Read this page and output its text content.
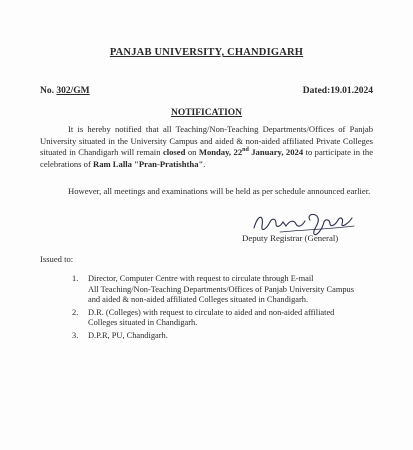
PANJAB UNIVERSITY, CHANDIGARH
No. 302/GM	Dated:19.01.2024
NOTIFICATION

It is hereby notified that all Teaching/Non-Teaching Departments/Offices of Panjab University situated in the University Campus and aided & non-aided affiliated Private Colleges situated in Chandigarh will remain closed on Monday, 22nd January, 2024 to participate in the celebrations of Ram Lalla "Pran-Pratishtha".

However, all meetings and examinations will be held as per schedule announced earlier.

Deputy Registrar (General)
Issued to:
1. Director, Computer Centre with request to circulate through E-mail
All Teaching/Non-Teaching Departments/Offices of Panjab University Campus and aided & non-aided affiliated Colleges situated in Chandigarh.
2. D.R. (Colleges) with request to circulate to aided and non-aided affiliated Colleges situated in Chandigarh.
3. D.P.R, PU, Chandigarh.
